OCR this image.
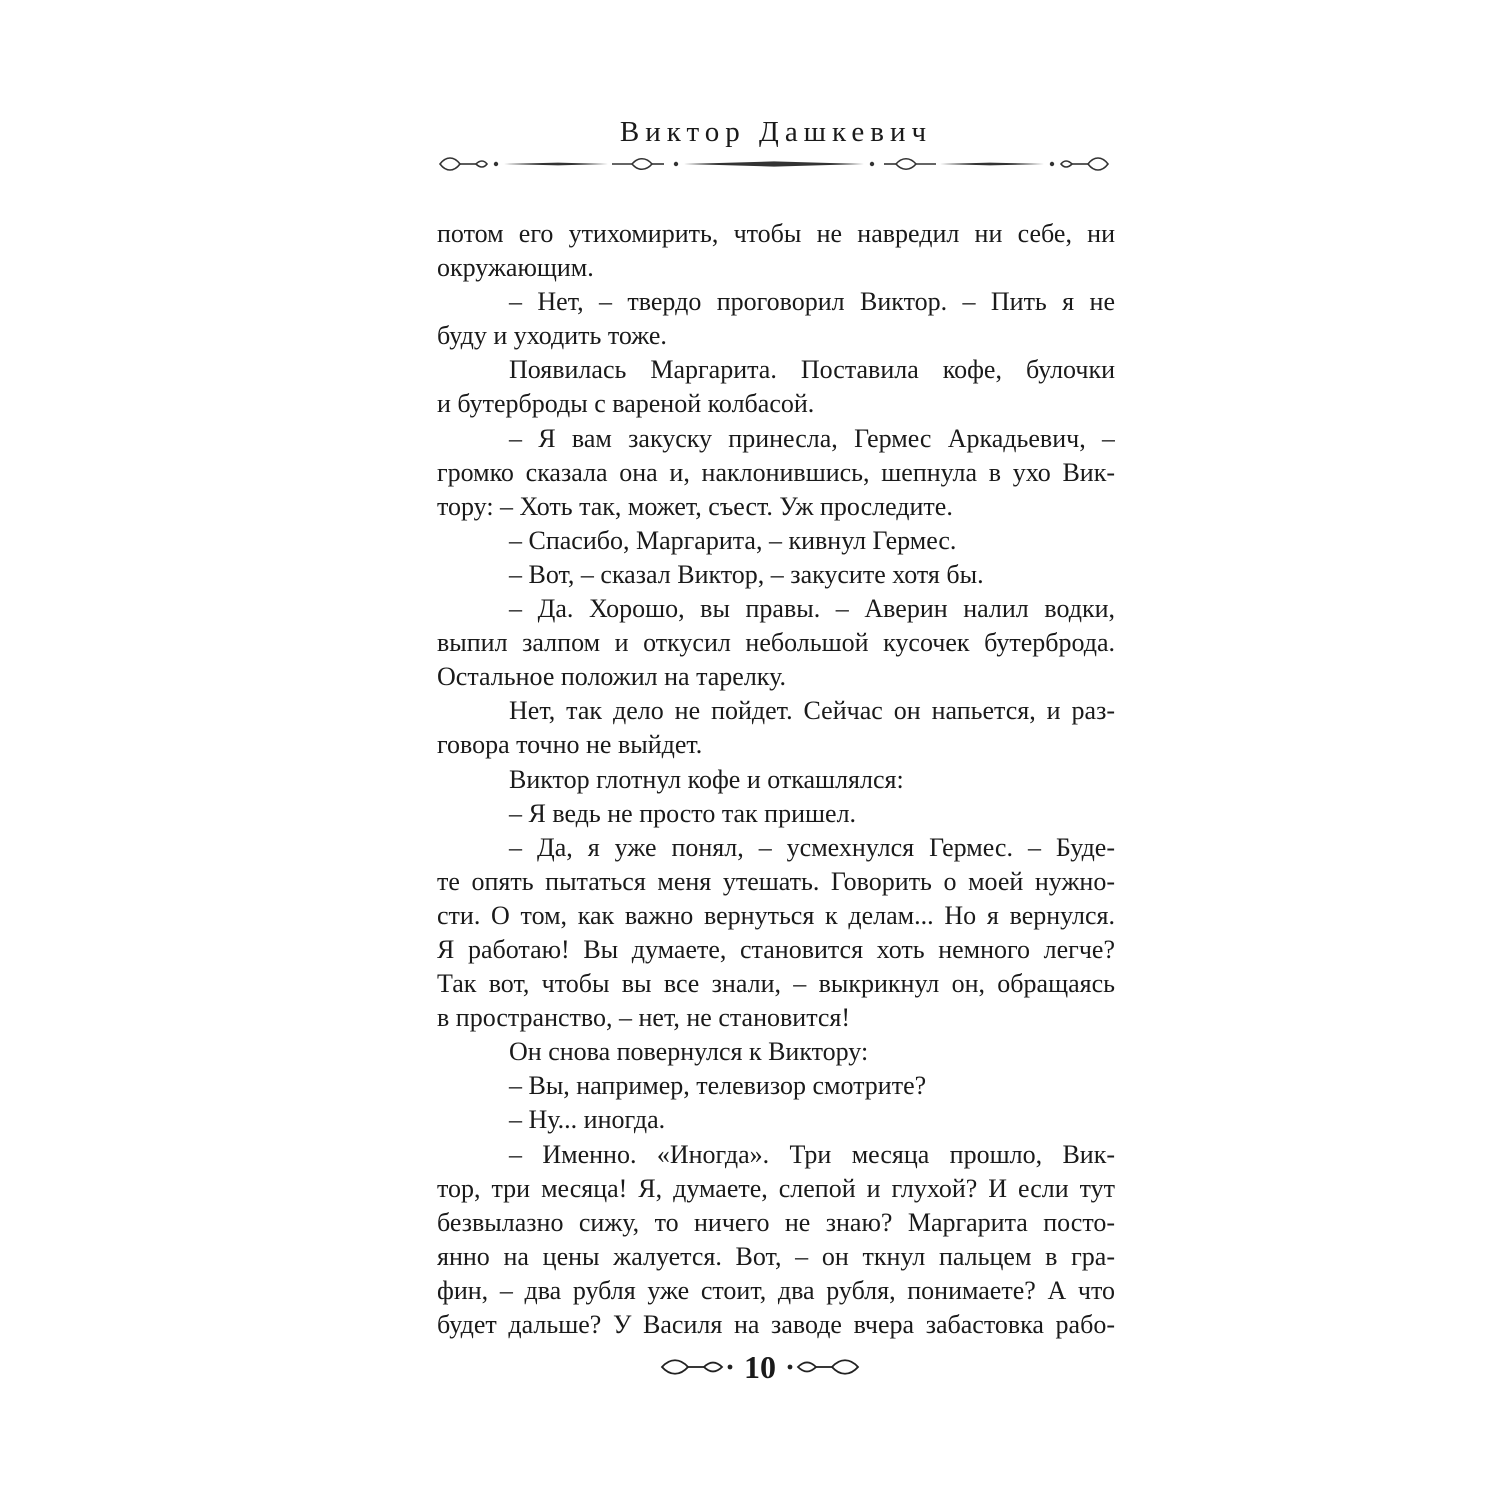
Виктор Дашкевич
потом его утихомирить, чтобы не навредил ни себе, ни
окружающим.
– Нет, – твердо проговорил Виктор. – Пить я не
буду и уходить тоже.
Появилась Маргарита. Поставила кофе, булочки
и бутерброды с вареной колбасой.
– Я вам закуску принесла, Гермес Аркадьевич, –
громко сказала она и, наклонившись, шепнула в ухо Вик-
тору: – Хоть так, может, съест. Уж проследите.
– Спасибо, Маргарита, – кивнул Гермес.
– Вот, – сказал Виктор, – закусите хотя бы.
– Да. Хорошо, вы правы. – Аверин налил водки,
выпил залпом и откусил небольшой кусочек бутерброда.
Остальное положил на тарелку.
Нет, так дело не пойдет. Сейчас он напьется, и раз-
говора точно не выйдет.
Виктор глотнул кофе и откашлялся:
– Я ведь не просто так пришел.
– Да, я уже понял, – усмехнулся Гермес. – Буде-
те опять пытаться меня утешать. Говорить о моей нужно-
сти. О том, как важно вернуться к делам... Но я вернулся.
Я работаю! Вы думаете, становится хоть немного легче?
Так вот, чтобы вы все знали, – выкрикнул он, обращаясь
в пространство, – нет, не становится!
Он снова повернулся к Виктору:
– Вы, например, телевизор смотрите?
– Ну... иногда.
– Именно. «Иногда». Три месяца прошло, Вик-
тор, три месяца! Я, думаете, слепой и глухой? И если тут
безвылазно сижу, то ничего не знаю? Маргарита посто-
янно на цены жалуется. Вот, – он ткнул пальцем в гра-
фин, – два рубля уже стоит, два рубля, понимаете? А что
будет дальше? У Василя на заводе вчера забастовка рабо-
10
